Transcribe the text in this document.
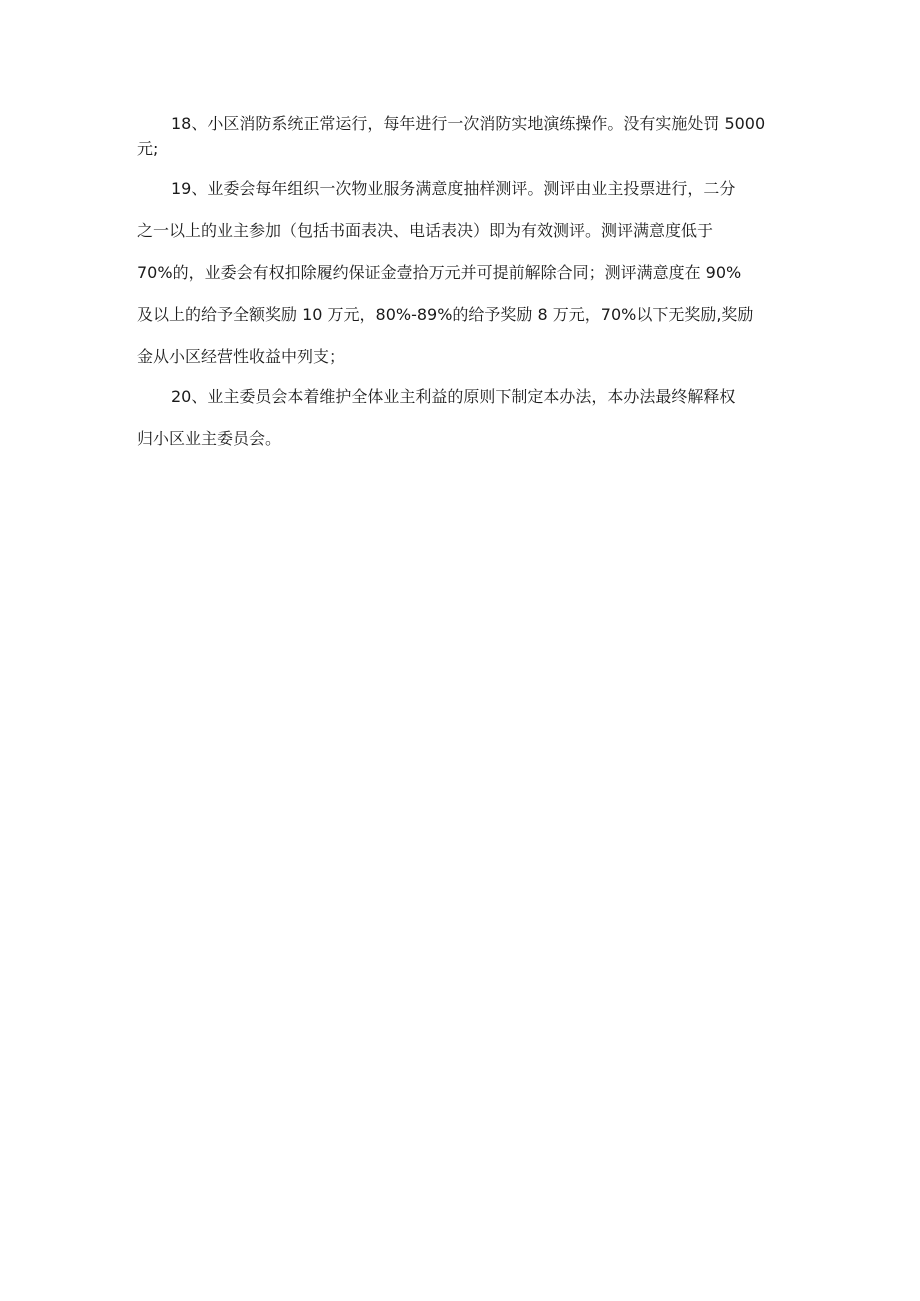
18、小区消防系统正常运行，每年进行一次消防实地演练操作。没有实施处罚 5000
元;
19、业委会每年组织一次物业服务满意度抽样测评。测评由业主投票进行，二分
之一以上的业主参加（包括书面表决、电话表决）即为有效测评。测评满意度低于
70%的，业委会有权扣除履约保证金壹拾万元并可提前解除合同；测评满意度在 90%
及以上的给予全额奖励 10 万元，80%-89%的给予奖励 8 万元，70%以下无奖励,奖励
金从小区经营性收益中列支；
20、业主委员会本着维护全体业主利益的原则下制定本办法，本办法最终解释权
归小区业主委员会。
